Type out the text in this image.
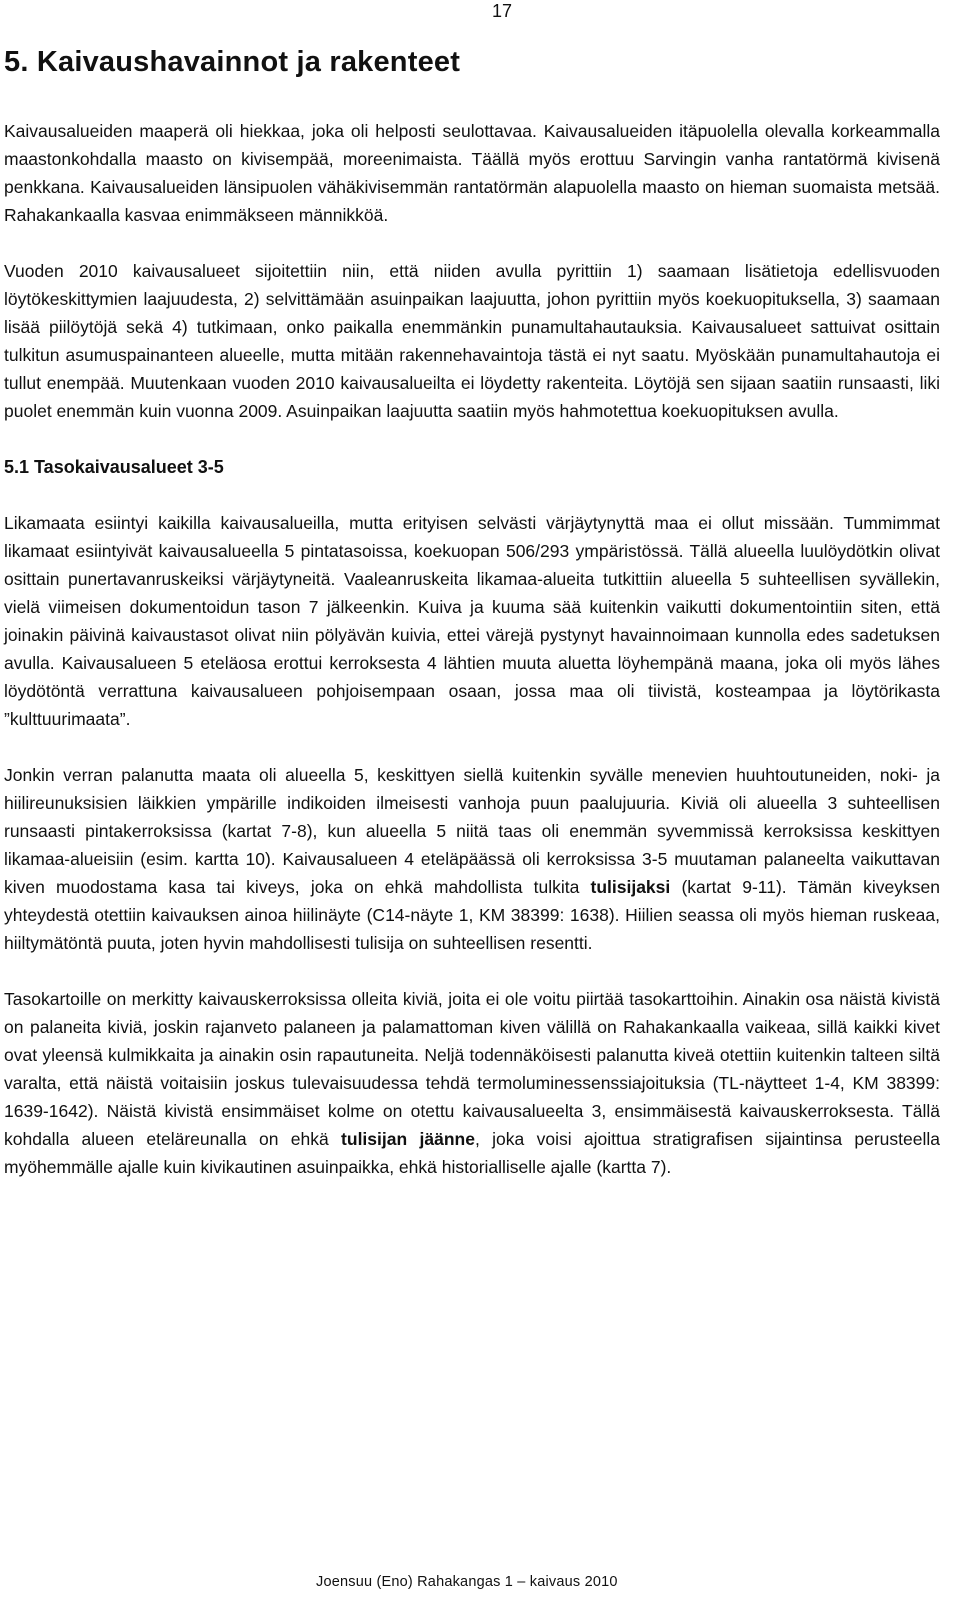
17
5. Kaivaushavainnot ja rakenteet

Kaivausalueiden maaperä oli hiekkaa, joka oli helposti seulottavaa. Kaivausalueiden itäpuolella olevalla korkeammalla maastonkohdalla maasto on kivisempää, moreenimaista. Täällä myös erottuu Sarvingin vanha rantatörmä kivisenä penkkana. Kaivausalueiden länsipuolen vähäkivisemmän rantatörmän alapuolella maasto on hieman suomaista metsää. Rahakankaalla kasvaa enimmäkseen männikköä.

Vuoden 2010 kaivausalueet sijoitettiin niin, että niiden avulla pyrittiin 1) saamaan lisätietoja edellisvuoden löytökeskittymien laajuudesta, 2) selvittämään asuinpaikan laajuutta, johon pyrittiin myös koekuopituksella, 3) saamaan lisää piilöytöjä sekä 4) tutkimaan, onko paikalla enemmänkin punamultahautauksia. Kaivausalueet sattuivat osittain tulkitun asumuspainanteen alueelle, mutta mitään rakennehavaintoja tästä ei nyt saatu. Myöskään punamultahautoja ei tullut enempää. Muutenkaan vuoden 2010 kaivausalueilta ei löydetty rakenteita. Löytöjä sen sijaan saatiin runsaasti, liki puolet enemmän kuin vuonna 2009. Asuinpaikan laajuutta saatiin myös hahmotettua koekuopituksen avulla.

5.1 Tasokaivausalueet 3-5

Likamaata esiintyi kaikilla kaivausalueilla, mutta erityisen selvästi värjäytynyttä maa ei ollut missään. Tummimmat likamaat esiintyivät kaivausalueella 5 pintatasoissa, koekuopan 506/293 ympäristössä. Tällä alueella luulöydötkin olivat osittain punertavanruskeiksi värjäytyneitä. Vaaleanruskeita likamaa-alueita tutkittiin alueella 5 suhteellisen syvällekin, vielä viimeisen dokumentoidun tason 7 jälkeenkin. Kuiva ja kuuma sää kuitenkin vaikutti dokumentointiin siten, että joinakin päivinä kaivaustasot olivat niin pölyävän kuivia, ettei värejä pystynyt havainnoimaan kunnolla edes sadetuksen avulla. Kaivausalueen 5 eteläosa erottui kerroksesta 4 lähtien muuta aluetta löyhempänä maana, joka oli myös lähes löydötöntä verrattuna kaivausalueen pohjoisempaan osaan, jossa maa oli tiivistä, kosteampaa ja löytörikasta ”kulttuurimaata”.

Jonkin verran palanutta maata oli alueella 5, keskittyen siellä kuitenkin syvälle menevien huuhtoutuneiden, noki- ja hiilireunuksisien läikkien ympärille indikoiden ilmeisesti vanhoja puun paalujuuria. Kiviä oli alueella 3 suhteellisen runsaasti pintakerroksissa (kartat 7-8), kun alueella 5 niitä taas oli enemmän syvemmissä kerroksissa keskittyen likamaa-alueisiin (esim. kartta 10). Kaivausalueen 4 eteläpäässä oli kerroksissa 3-5 muutaman palaneelta vaikuttavan kiven muodostama kasa tai kiveys, joka on ehkä mahdollista tulkita tulisijaksi (kartat 9-11). Tämän kiveyksen yhteydestä otettiin kaivauksen ainoa hiilinäyte (C14-näyte 1, KM 38399: 1638). Hiilien seassa oli myös hieman ruskeaa, hiiltymätöntä puuta, joten hyvin mahdollisesti tulisija on suhteellisen resentti.

Tasokartoille on merkitty kaivauskerroksissa olleita kiviä, joita ei ole voitu piirtää tasokarttoihin. Ainakin osa näistä kivistä on palaneita kiviä, joskin rajanveto palaneen ja palamattoman kiven välillä on Rahakankaalla vaikeaa, sillä kaikki kivet ovat yleensä kulmikkaita ja ainakin osin rapautuneita. Neljä todennäköisesti palanutta kiveä otettiin kuitenkin talteen siltä varalta, että näistä voitaisiin joskus tulevaisuudessa tehdä termoluminessenssiajoituksia (TL-näytteet 1-4, KM 38399: 1639-1642). Näistä kivistä ensimmäiset kolme on otettu kaivausalueelta 3, ensimmäisestä kaivauskerroksesta. Tällä kohdalla alueen eteläreunalla on ehkä tulisijan jäänne, joka voisi ajoittua stratigrafisen sijaintinsa perusteella myöhemmälle ajalle kuin kivikautinen asuinpaikka, ehkä historialliselle ajalle (kartta 7).

Joensuu (Eno) Rahakangas 1 – kaivaus 2010
